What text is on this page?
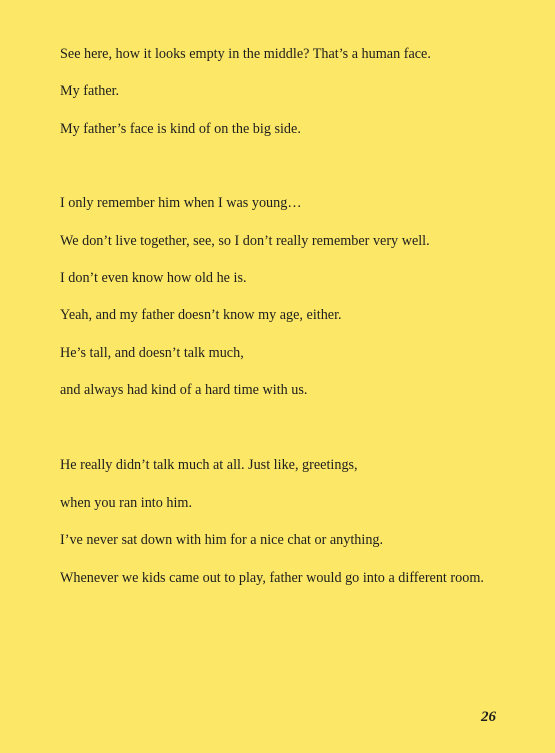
See here, how it looks empty in the middle? That’s a human face.

My father.

My father’s face is kind of on the big side.

I only remember him when I was young…

We don’t live together, see, so I don’t really remember very well.

I don’t even know how old he is.

Yeah, and my father doesn’t know my age, either.

He’s tall, and doesn’t talk much,

and always had kind of a hard time with us.

He really didn’t talk much at all. Just like, greetings,

when you ran into him.

I’ve never sat down with him for a nice chat or anything.

Whenever we kids came out to play, father would go into a different room.

26
